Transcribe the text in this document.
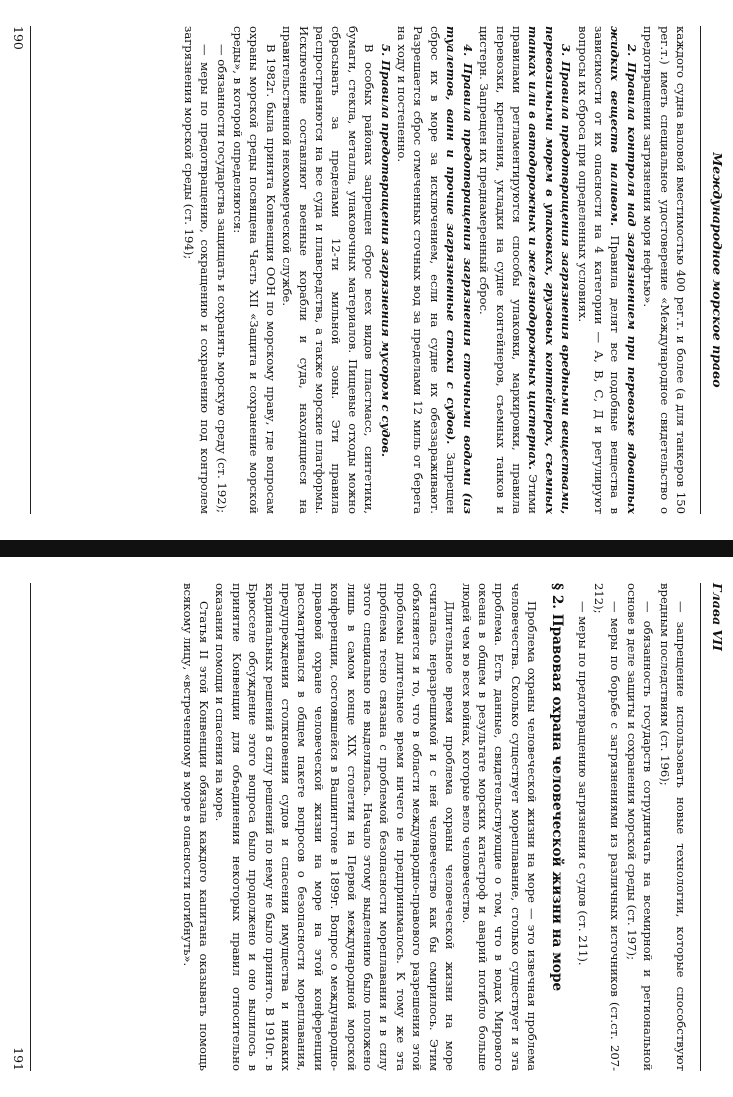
Международное морское право

каждого судна валовой вместимостью 400 рег.т. и более (а для танкеров 150 рег.т.) иметь специальное удостоверение «Международное свидетельство о предотвращении загрязнения моря нефтью».

2. Правила контроля над загрязнением при перевозке ядовитых жидких веществ наливом. Правила делят все подобные вещества в зависимости от их опасности на 4 категории — А, В, С, Д и регулируют вопросы их сброса при определенных условиях.

3. Правила предотвращения загрязнения вредными веществами, перевозимыми морем в упаковках, грузовых контейнерах, съемных танках или в автодорожных и железнодорожных цистернах. Этими правилами регламентируются способы упаковки, маркировки, правила перевозки, крепления, укладки на судне контейнеров, съемных танков и цистерн. Запрещен их преднамеренный сброс.

4. Правила предотвращения загрязнения сточными водами (из туалетов, ванн и прочие загрязненные стоки с судов). Запрещен сброс их в море за исключением, если на судне их обеззараживают. Разрешается сброс отмеченных сточных вод за пределами 12 миль от берега на ходу и постепенно.

5. Правила предотвращения загрязнения мусором с судов.

В особых районах запрещен сброс всех видов пластмасс, синтетики, бумаги, стекла, металла, упаковочных материалов. Пищевые отходы можно сбрасывать за пределами 12-ти мильной зоны. Эти правила распространяются на все суда и плавсредства, а также морские платформы. Исключение составляют военные корабли и суда, находящиеся на правительственной некоммерческой службе.

В 1982г. была принята Конвенция ООН по морскому праву, где вопросам охраны морской среды посвящена Часть XII «Защита и сохранение морской среды», в которой определяются:

— обязанности государства защищать и сохранять морскую среду (ст. 192);

— меры по предотвращению, сокращению и сохранению под контролем загрязнения морской среды (ст. 194);

190
Глава VII

— запрещение использовать новые технологии, которые способствуют вредным последствиям (ст. 196);

— обязанность государств сотрудничать на всемирной и региональной основе в деле защиты и сохранения морской среды (ст. 197);

— меры по борьбе с загрязнениями из различных источников (ст.ст. 207-212);

— меры по предотвращению загрязнения с судов (ст. 211).

§ 2. Правовая охрана человеческой жизни на море

Проблема охраны человеческой жизни на море — это извечная проблема человечества. Сколько существует мореплавание, столько существует и эта проблема. Есть данные, свидетельствующие о том, что в водах Мирового океана в общем в результате морских катастроф и аварий погибло больше людей чем во всех войнах, которые вело человечество.

Длительное время проблема охраны человеческой жизни на море считалась неразрешимой и с ней человечество как бы смирилось. Этим объясняется и то, что в области международно-правового разрешения этой проблемы длительное время ничего не предпринималось. К тому же эта проблема тесно связана с проблемой безопасности мореплавания и в силу этого специально не выделялась. Начало этому выделению было положено лишь в самом конце XIX столетия на Первой международной морской конференции, состоявшейся в Вашингтоне в 1899г. Вопрос о международно-правовой охране человеческой жизни на море на этой конференции рассматривался в общем пакете вопросов о безопасности мореплавания, предупреждения столкновения судов и спасения имущества и никаких кардинальных решений в силу решений по нему не было принято. В 1910г. в Брюсселе обсуждение этого вопроса было продолжено и оно вылилось в принятие Конвенции для объединения некоторых правил относительно оказания помощи и спасения на море.

Статья II этой Конвенции обязала каждого капитана оказывать помощь всякому лицу, «встреченному в море в опасности погибнуть».

191
